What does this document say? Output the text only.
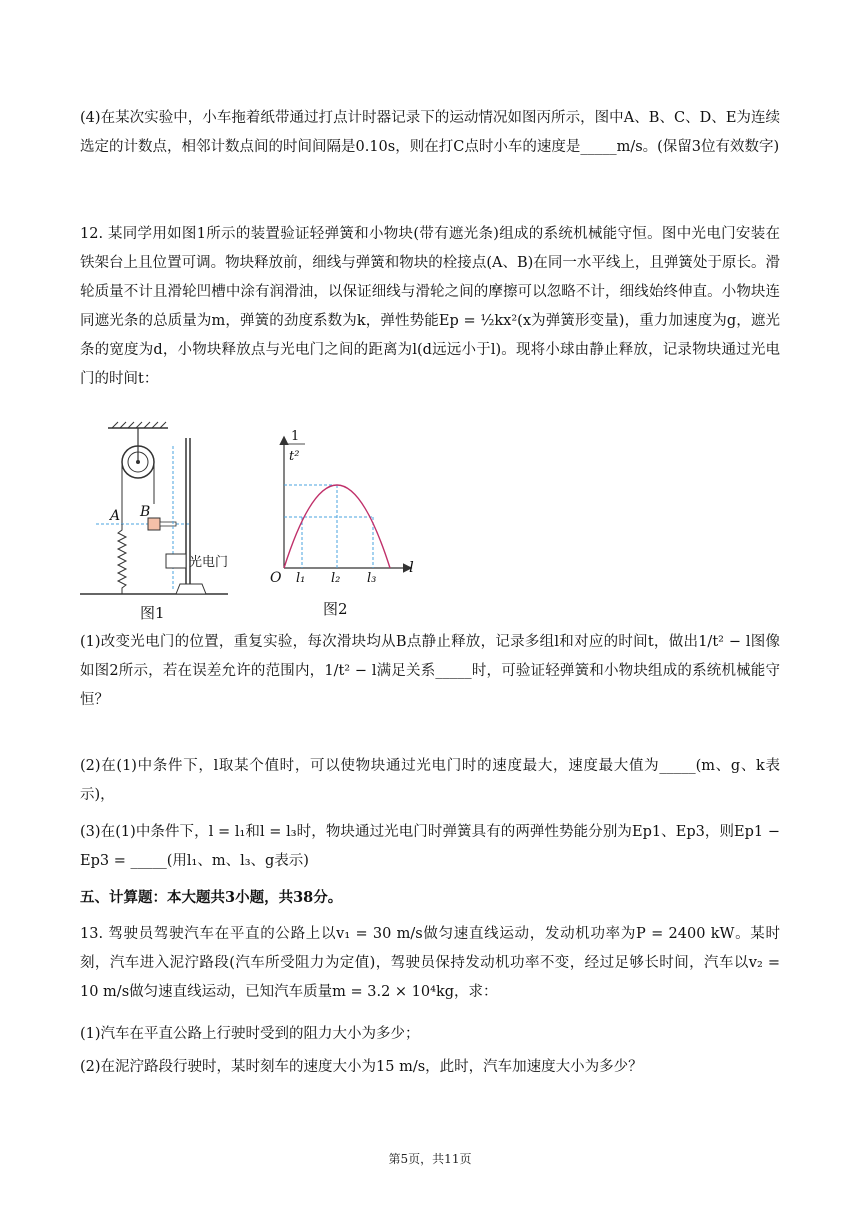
(4)在某次实验中，小车拖着纸带通过打点计时器记录下的运动情况如图丙所示，图中A、B、C、D、E为连续选定的计数点，相邻计数点间的时间间隔是0.10s，则在打C点时小车的速度是_____m/s。(保留3位有效数字)

12. 某同学用如图1所示的装置验证轻弹簧和小物块(带有遮光条)组成的系统机械能守恒。图中光电门安装在铁架台上且位置可调。物块释放前，细线与弹簧和物块的栓接点(A、B)在同一水平线上，且弹簧处于原长。滑轮质量不计且滑轮凹槽中涂有润滑油，以保证细线与滑轮之间的摩擦可以忽略不计，细线始终伸直。小物块连同遮光条的总质量为m，弹簧的劲度系数为k，弹性势能Ep = ½kx²(x为弹簧形变量)，重力加速度为g，遮光条的宽度为d，小物块释放点与光电门之间的距离为l(d远远小于l)。现将小球由静止释放，记录物块通过光电门的时间t：

A B
光电门
图1
1
t²
O l₁ l₂ l₃
l
图2

(1)改变光电门的位置，重复实验，每次滑块均从B点静止释放，记录多组l和对应的时间t，做出1/t² − l图像如图2所示，若在误差允许的范围内，1/t² − l满足关系_____时，可验证轻弹簧和小物块组成的系统机械能守恒？

(2)在(1)中条件下，l取某个值时，可以使物块通过光电门时的速度最大，速度最大值为_____(m、g、k表示)，

(3)在(1)中条件下，l = l₁和l = l₃时，物块通过光电门时弹簧具有的两弹性势能分别为Ep1、Ep3，则Ep1 − Ep3 = _____(用l₁、m、l₃、g表示)

五、计算题：本大题共3小题，共38分。

13. 驾驶员驾驶汽车在平直的公路上以v₁ = 30 m/s做匀速直线运动，发动机功率为P = 2400 kW。某时刻，汽车进入泥泞路段(汽车所受阻力为定值)，驾驶员保持发动机功率不变，经过足够长时间，汽车以v₂ = 10 m/s做匀速直线运动，已知汽车质量m = 3.2 × 10⁴kg，求：

(1)汽车在平直公路上行驶时受到的阻力大小为多少；

(2)在泥泞路段行驶时，某时刻车的速度大小为15 m/s，此时，汽车加速度大小为多少？

第5页，共11页
